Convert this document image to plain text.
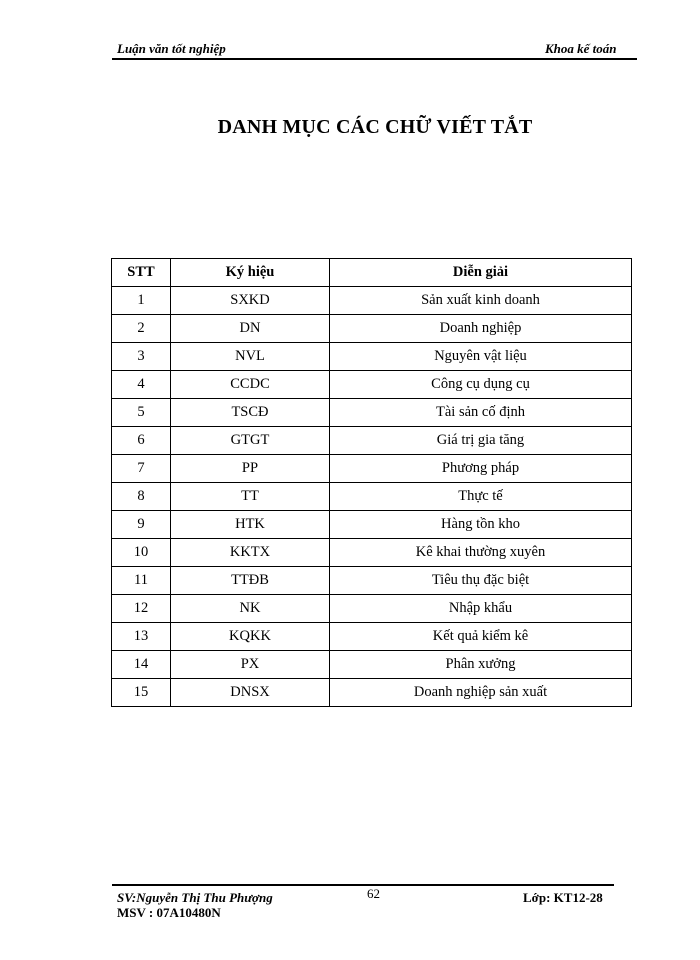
Luận văn tốt nghiệp	Khoa kế toán
DANH MỤC CÁC CHỮ VIẾT TẮT
STT	Ký hiệu	Diễn giải
1	SXKD	Sản xuất kinh doanh
2	DN	Doanh nghiệp
3	NVL	Nguyên vật liệu
4	CCDC	Công cụ dụng cụ
5	TSCĐ	Tài sản cố định
6	GTGT	Giá trị gia tăng
7	PP	Phương pháp
8	TT	Thực tế
9	HTK	Hàng tồn kho
10	KKTX	Kê khai thường xuyên
11	TTĐB	Tiêu thụ đặc biệt
12	NK	Nhập khẩu
13	KQKK	Kết quả kiểm kê
14	PX	Phân xưởng
15	DNSX	Doanh nghiệp sản xuất
SV:Nguyễn Thị Thu Phượng
MSV : 07A10480N
62	Lớp: KT12-28
